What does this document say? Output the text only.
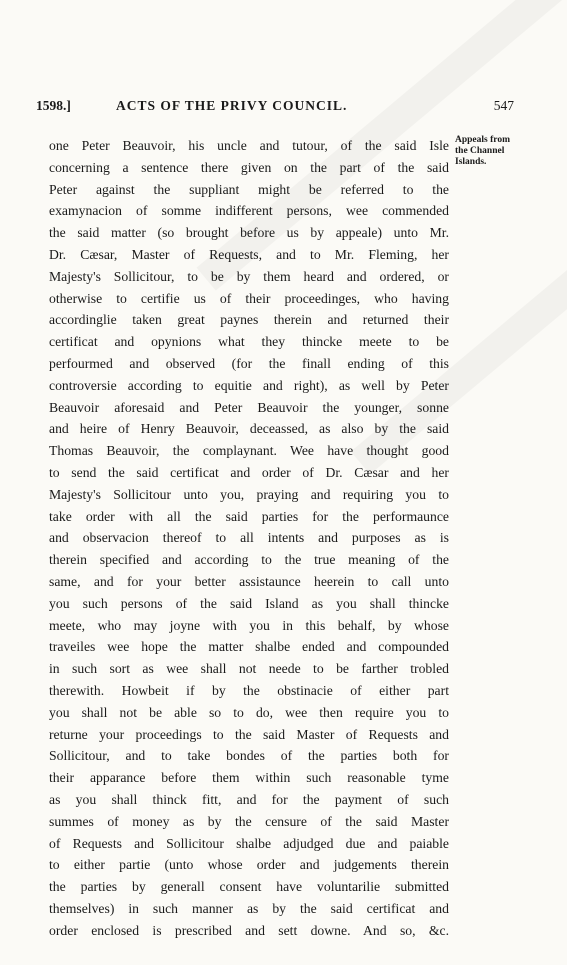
1598.]	ACTS OF THE PRIVY COUNCIL.	547
Appeals from
the Channel
Islands.
one Peter Beauvoir, his uncle and tutour, of the said Isle
concerning a sentence there given on the part of the said
Peter against the suppliant might be referred to the
examynacion of somme indifferent persons, wee commended
the said matter (so brought before us by appeale) unto Mr.
Dr. Cæsar, Master of Requests, and to Mr. Fleming, her
Majesty's Sollicitour, to be by them heard and ordered, or
otherwise to certifie us of their proceedinges, who having
accordinglie taken great paynes therein and returned their
certificat and opynions what they thincke meete to be
perfourmed and observed (for the finall ending of this
controversie according to equitie and right), as well by Peter
Beauvoir aforesaid and Peter Beauvoir the younger, sonne
and heire of Henry Beauvoir, deceassed, as also by the said
Thomas Beauvoir, the complaynant. Wee have thought good
to send the said certificat and order of Dr. Cæsar and her
Majesty's Sollicitour unto you, praying and requiring you to
take order with all the said parties for the performaunce
and observacion thereof to all intents and purposes as is
therein specified and according to the true meaning of the
same, and for your better assistaunce heerein to call unto
you such persons of the said Island as you shall thincke
meete, who may joyne with you in this behalf, by whose
traveiles wee hope the matter shalbe ended and compounded
in such sort as wee shall not neede to be farther trobled
therewith. Howbeit if by the obstinacie of either part
you shall not be able so to do, wee then require you to
returne your proceedings to the said Master of Requests and
Sollicitour, and to take bondes of the parties both for
their apparance before them within such reasonable tyme
as you shall thinck fitt, and for the payment of such
summes of money as by the censure of the said Master
of Requests and Sollicitour shalbe adjudged due and paiable
to either partie (unto whose order and judgements therein
the parties by generall consent have voluntarilie submitted
themselves) in such manner as by the said certificat and
order enclosed is prescribed and sett downe. And so, &c.
